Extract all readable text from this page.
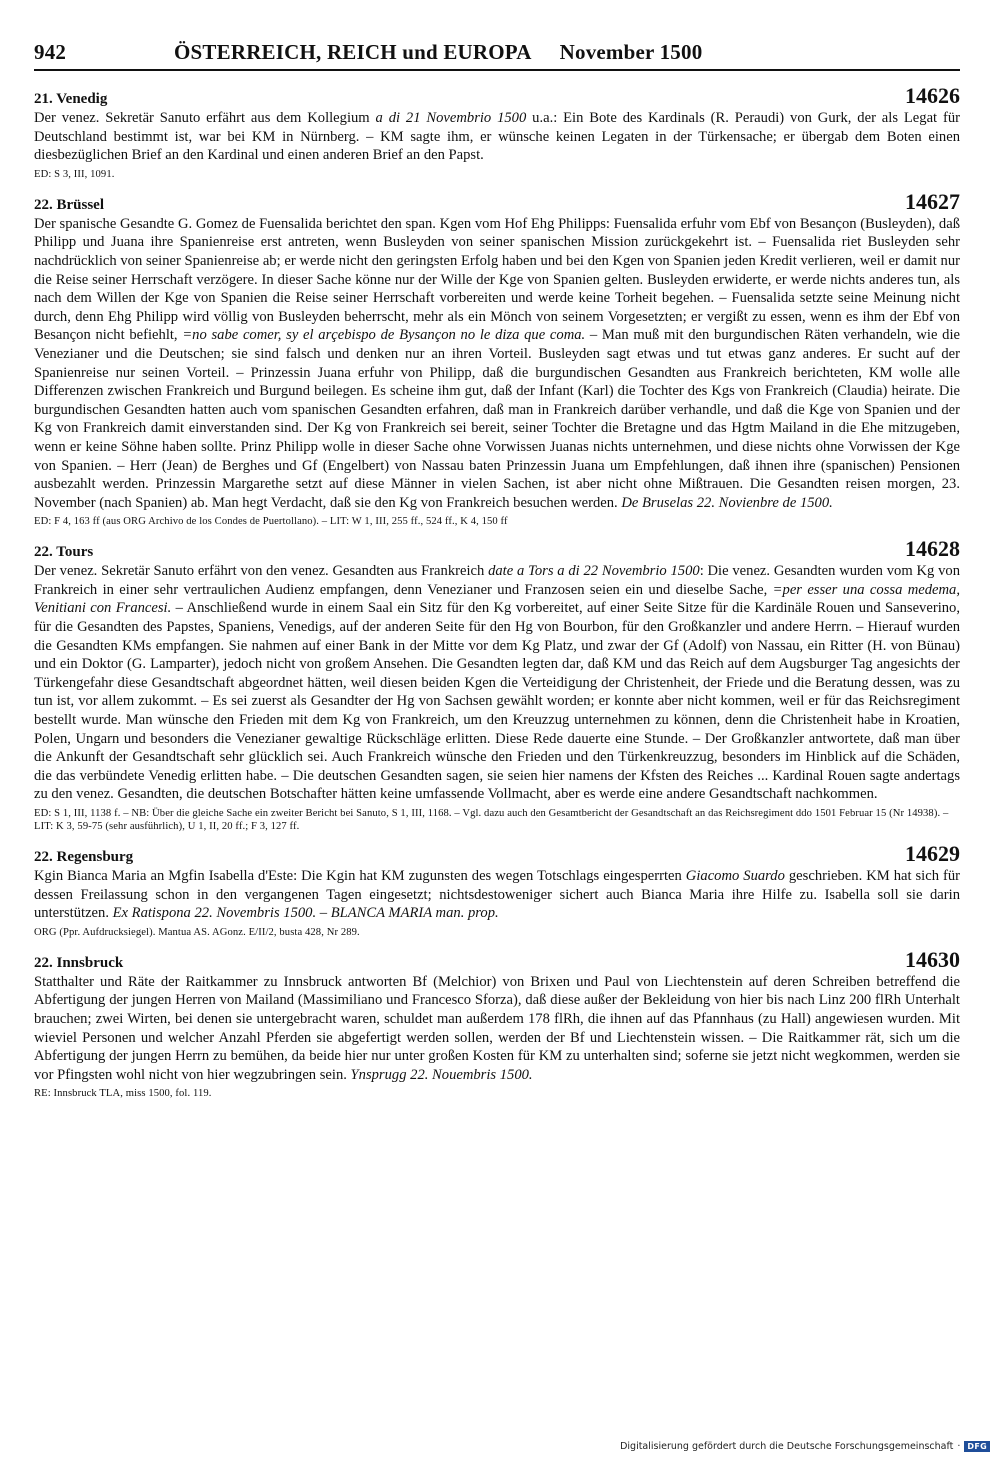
942	ÖSTERREICH, REICH und EUROPA November 1500
21. Venedig	14626
Der venez. Sekretär Sanuto erfährt aus dem Kollegium a di 21 Novembrio 1500 u.a.: Ein Bote des Kardinals (R. Peraudi) von Gurk, der als Legat für Deutschland bestimmt ist, war bei KM in Nürnberg. – KM sagte ihm, er wünsche keinen Legaten in der Türkensache; er übergab dem Boten einen diesbezüglichen Brief an den Kardinal und einen anderen Brief an den Papst.
ED: S 3, III, 1091.
22. Brüssel	14627
Der spanische Gesandte G. Gomez de Fuensalida berichtet den span. Kgen vom Hof Ehg Philipps: Fuensalida erfuhr vom Ebf von Besançon (Busleyden), daß Philipp und Juana ihre Spanienreise erst antreten, wenn Busleyden von seiner spanischen Mission zurückgekehrt ist. – Fuensalida riet Busleyden sehr nachdrücklich von seiner Spanienreise ab; er werde nicht den geringsten Erfolg haben und bei den Kgen von Spanien jeden Kredit verlieren, weil er damit nur die Reise seiner Herrschaft verzögere. In dieser Sache könne nur der Wille der Kge von Spanien gelten. Busleyden erwiderte, er werde nichts anderes tun, als nach dem Willen der Kge von Spanien die Reise seiner Herrschaft vorbereiten und werde keine Torheit begehen. – Fuensalida setzte seine Meinung nicht durch, denn Ehg Philipp wird völlig von Busleyden beherrscht, mehr als ein Mönch von seinem Vorgesetzten; er vergißt zu essen, wenn es ihm der Ebf von Besançon nicht befiehlt, =no sabe comer, sy el arçebispo de Bysançon no le diza que coma. – Man muß mit den burgundischen Räten verhandeln, wie die Venezianer und die Deutschen; sie sind falsch und denken nur an ihren Vorteil. Busleyden sagt etwas und tut etwas ganz anderes. Er sucht auf der Spanienreise nur seinen Vorteil. – Prinzessin Juana erfuhr von Philipp, daß die burgundischen Gesandten aus Frankreich berichteten, KM wolle alle Differenzen zwischen Frankreich und Burgund beilegen. Es scheine ihm gut, daß der Infant (Karl) die Tochter des Kgs von Frankreich (Claudia) heirate. Die burgundischen Gesandten hatten auch vom spanischen Gesandten erfahren, daß man in Frankreich darüber verhandle, und daß die Kge von Spanien und der Kg von Frankreich damit einverstanden sind. Der Kg von Frankreich sei bereit, seiner Tochter die Bretagne und das Hgtm Mailand in die Ehe mitzugeben, wenn er keine Söhne haben sollte. Prinz Philipp wolle in dieser Sache ohne Vorwissen Juanas nichts unternehmen, und diese nichts ohne Vorwissen der Kge von Spanien. – Herr (Jean) de Berghes und Gf (Engelbert) von Nassau baten Prinzessin Juana um Empfehlungen, daß ihnen ihre (spanischen) Pensionen ausbezahlt werden. Prinzessin Margarethe setzt auf diese Männer in vielen Sachen, ist aber nicht ohne Mißtrauen. Die Gesandten reisen morgen, 23. November (nach Spanien) ab. Man hegt Verdacht, daß sie den Kg von Frankreich besuchen werden. De Bruselas 22. Novienbre de 1500.
ED: F 4, 163 ff (aus ORG Archivo de los Condes de Puertollano). – LIT: W 1, III, 255 ff., 524 ff., K 4, 150 ff
22. Tours	14628
Der venez. Sekretär Sanuto erfährt von den venez. Gesandten aus Frankreich date a Tors a di 22 Novembrio 1500: Die venez. Gesandten wurden vom Kg von Frankreich in einer sehr vertraulichen Audienz empfangen, denn Venezianer und Franzosen seien ein und dieselbe Sache, =per esser una cossa medema, Venitiani con Francesi. – Anschließend wurde in einem Saal ein Sitz für den Kg vorbereitet, auf einer Seite Sitze für die Kardinäle Rouen und Sanseverino, für die Gesandten des Papstes, Spaniens, Venedigs, auf der anderen Seite für den Hg von Bourbon, für den Großkanzler und andere Herrn. – Hierauf wurden die Gesandten KMs empfangen. Sie nahmen auf einer Bank in der Mitte vor dem Kg Platz, und zwar der Gf (Adolf) von Nassau, ein Ritter (H. von Bünau) und ein Doktor (G. Lamparter), jedoch nicht von großem Ansehen. Die Gesandten legten dar, daß KM und das Reich auf dem Augsburger Tag angesichts der Türkengefahr diese Gesandtschaft abgeordnet hätten, weil diesen beiden Kgen die Verteidigung der Christenheit, der Friede und die Beratung dessen, was zu tun ist, vor allem zukommt. – Es sei zuerst als Gesandter der Hg von Sachsen gewählt worden; er konnte aber nicht kommen, weil er für das Reichsregiment bestellt wurde. Man wünsche den Frieden mit dem Kg von Frankreich, um den Kreuzzug unternehmen zu können, denn die Christenheit habe in Kroatien, Polen, Ungarn und besonders die Venezianer gewaltige Rückschläge erlitten. Diese Rede dauerte eine Stunde. – Der Großkanzler antwortete, daß man über die Ankunft der Gesandtschaft sehr glücklich sei. Auch Frankreich wünsche den Frieden und den Türkenkreuzzug, besonders im Hinblick auf die Schäden, die das verbündete Venedig erlitten habe. – Die deutschen Gesandten sagen, sie seien hier namens der Kfsten des Reiches ... Kardinal Rouen sagte andertags zu den venez. Gesandten, die deutschen Botschafter hätten keine umfassende Vollmacht, aber es werde eine andere Gesandtschaft nachkommen.
ED: S 1, III, 1138 f. – NB: Über die gleiche Sache ein zweiter Bericht bei Sanuto, S 1, III, 1168. – Vgl. dazu auch den Gesamtbericht der Gesandtschaft an das Reichsregiment ddo 1501 Februar 15 (Nr 14938). – LIT: K 3, 59-75 (sehr ausführlich), U 1, II, 20 ff.; F 3, 127 ff.
22. Regensburg	14629
Kgin Bianca Maria an Mgfin Isabella d'Este: Die Kgin hat KM zugunsten des wegen Totschlags eingesperrten Giacomo Suardo geschrieben. KM hat sich für dessen Freilassung schon in den vergangenen Tagen eingesetzt; nichtsdestoweniger sichert auch Bianca Maria ihre Hilfe zu. Isabella soll sie darin unterstützen. Ex Ratispona 22. Novembris 1500. – BLANCA MARIA man. prop.
ORG (Ppr. Aufdrucksiegel). Mantua AS. AGonz. E/II/2, busta 428, Nr 289.
22. Innsbruck	14630
Statthalter und Räte der Raitkammer zu Innsbruck antworten Bf (Melchior) von Brixen und Paul von Liechtenstein auf deren Schreiben betreffend die Abfertigung der jungen Herren von Mailand (Massimiliano und Francesco Sforza), daß diese außer der Bekleidung von hier bis nach Linz 200 flRh Unterhalt brauchen; zwei Wirten, bei denen sie untergebracht waren, schuldet man außerdem 178 flRh, die ihnen auf das Pfannhaus (zu Hall) angewiesen wurden. Mit wieviel Personen und welcher Anzahl Pferden sie abgefertigt werden sollen, werden der Bf und Liechtenstein wissen. – Die Raitkammer rät, sich um die Abfertigung der jungen Herrn zu bemühen, da beide hier nur unter großen Kosten für KM zu unterhalten sind; soferne sie jetzt nicht wegkommen, werden sie vor Pfingsten wohl nicht von hier wegzubringen sein. Ynsprugg 22. Nouembris 1500.
RE: Innsbruck TLA, miss 1500, fol. 119.
Digitalisierung gefördert durch die Deutsche Forschungsgemeinschaft · DFG
